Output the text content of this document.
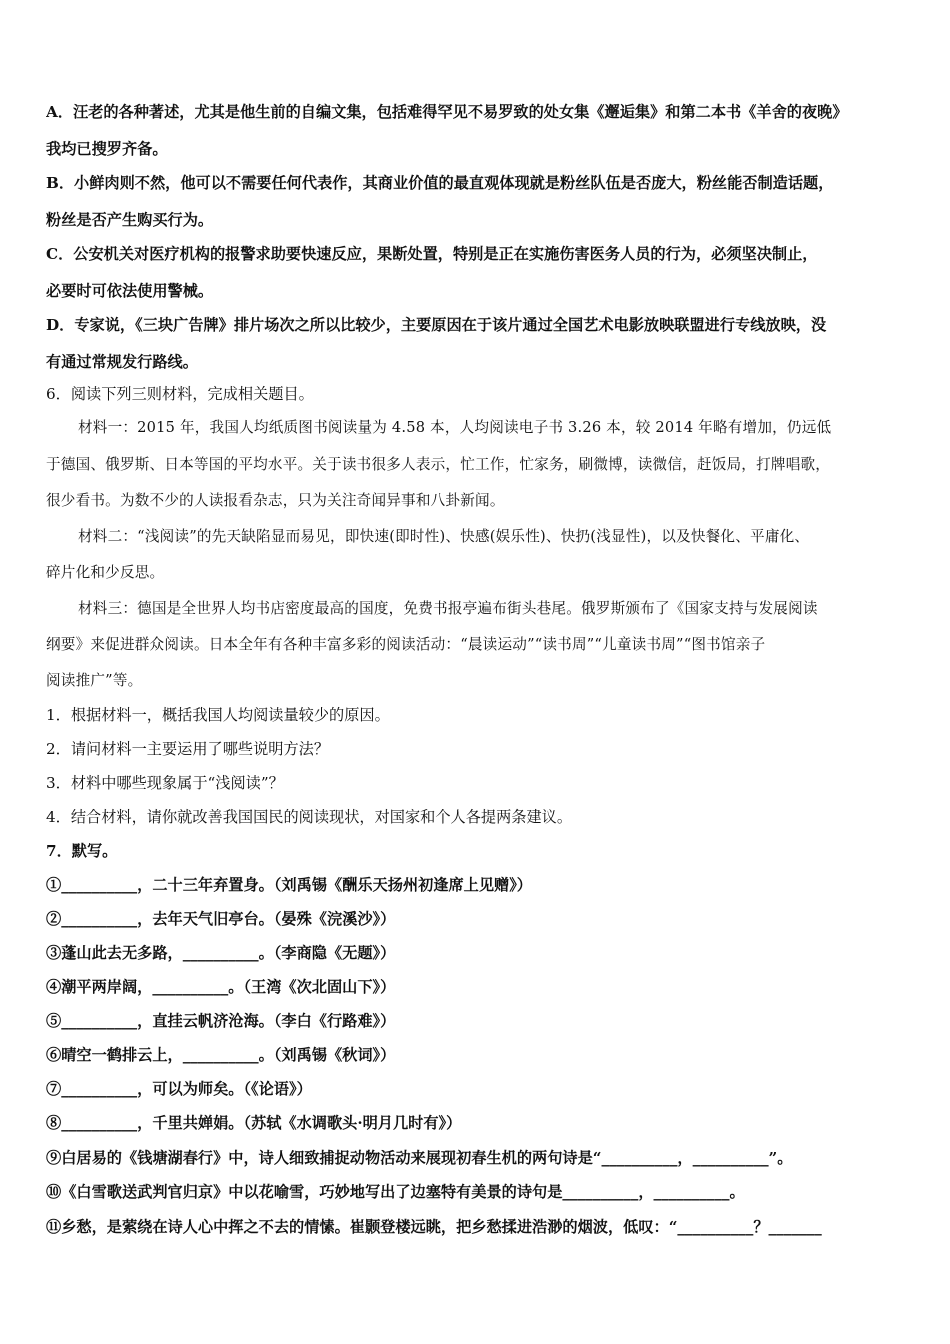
A．汪老的各种著述，尤其是他生前的自编文集，包括难得罕见不易罗致的处女集《邂逅集》和第二本书《羊舍的夜晚》
我均已搜罗齐备。
B．小鲜肉则不然，他可以不需要任何代表作，其商业价值的最直观体现就是粉丝队伍是否庞大，粉丝能否制造话题，
粉丝是否产生购买行为。
C．公安机关对医疗机构的报警求助要快速反应，果断处置，特别是正在实施伤害医务人员的行为，必须坚决制止，
必要时可依法使用警械。
D．专家说，《三块广告牌》排片场次之所以比较少，主要原因在于该片通过全国艺术电影放映联盟进行专线放映，没
有通过常规发行路线。
6．阅读下列三则材料，完成相关题目。
材料一：2015 年，我国人均纸质图书阅读量为 4.58 本，人均阅读电子书 3.26 本，较 2014 年略有增加，仍远低
于德国、俄罗斯、日本等国的平均水平。关于读书很多人表示，忙工作，忙家务，刷微博，读微信，赶饭局，打牌唱歌，
很少看书。为数不少的人读报看杂志，只为关注奇闻异事和八卦新闻。
材料二：“浅阅读”的先天缺陷显而易见，即快速(即时性)、快感(娱乐性)、快扔(浅显性)，以及快餐化、平庸化、
碎片化和少反思。
材料三：德国是全世界人均书店密度最高的国度，免费书报亭遍布街头巷尾。俄罗斯颁布了《国家支持与发展阅读
纲要》来促进群众阅读。日本全年有各种丰富多彩的阅读活动：“晨读运动”“读书周”“儿童读书周”“图书馆亲子
阅读推广”等。
1．根据材料一，概括我国人均阅读量较少的原因。
2．请问材料一主要运用了哪些说明方法？
3．材料中哪些现象属于“浅阅读”？
4．结合材料，请你就改善我国国民的阅读现状，对国家和个人各提两条建议。
7．默写。
①__________，二十三年弃置身。（刘禹锡《酬乐天扬州初逢席上见赠》）
②__________，去年天气旧亭台。（晏殊《浣溪沙》）
③蓬山此去无多路，__________。（李商隐《无题》）
④潮平两岸阔，__________。（王湾《次北固山下》）
⑤__________，直挂云帆济沧海。（李白《行路难》）
⑥晴空一鹤排云上，__________。（刘禹锡《秋词》）
⑦__________，可以为师矣。（《论语》）
⑧__________，千里共婵娟。（苏轼《水调歌头·明月几时有》）
⑨白居易的《钱塘湖春行》中，诗人细致捕捉动物活动来展现初春生机的两句诗是“__________，__________”。
⑩《白雪歌送武判官归京》中以花喻雪，巧妙地写出了边塞特有美景的诗句是__________，__________。
⑪乡愁，是萦绕在诗人心中挥之不去的情愫。崔颢登楼远眺，把乡愁揉进浩渺的烟波，低叹：“__________？_______
